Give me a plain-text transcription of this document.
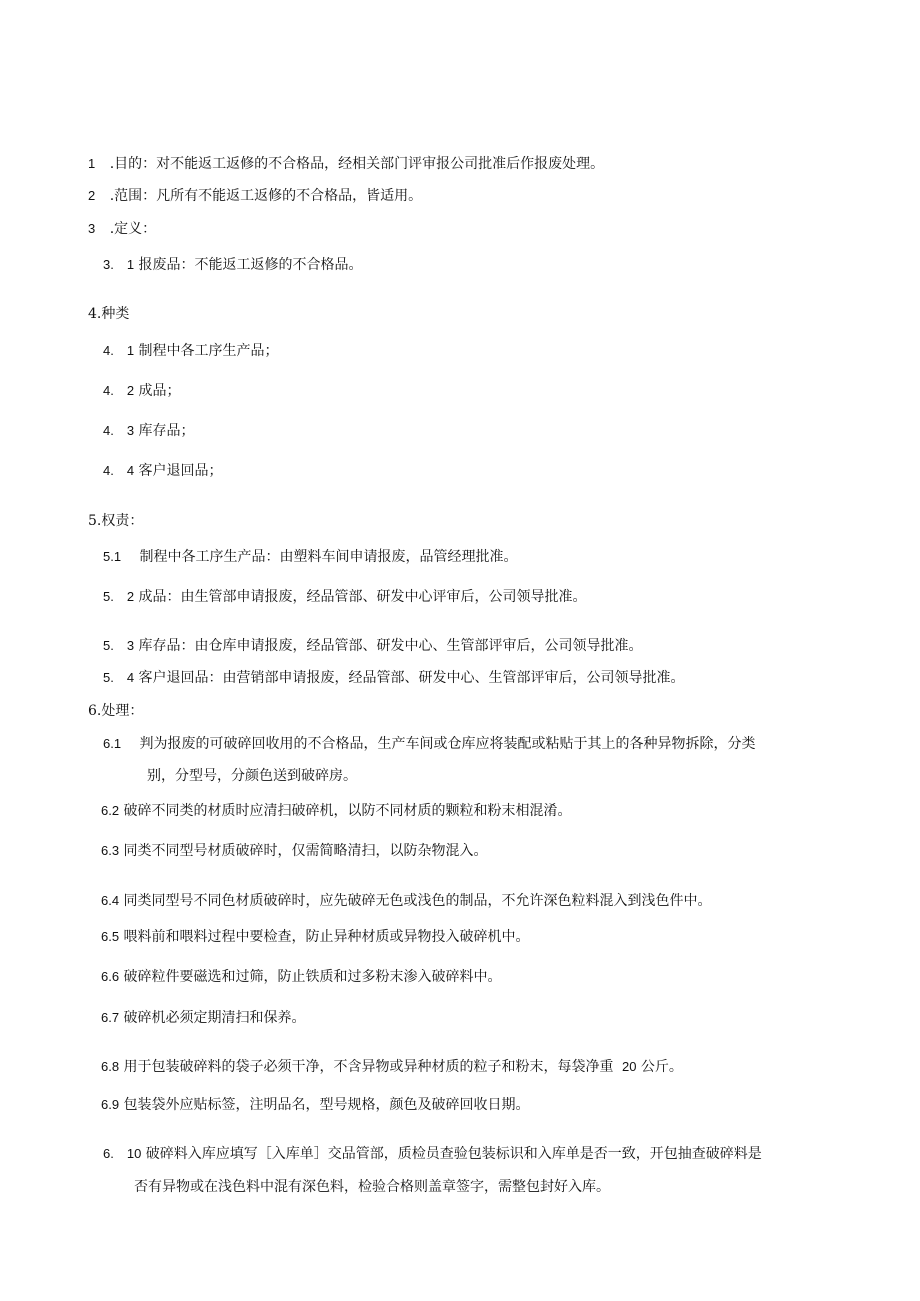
1 .目的：对不能返工返修的不合格品，经相关部门评审报公司批准后作报废处理。
2 .范围：凡所有不能返工返修的不合格品，皆适用。
3 .定义：
3.　1 报废品：不能返工返修的不合格品。
4.种类
4.　1 制程中各工序生产品；
4.　2 成品；
4.　3 库存品；
4.　4 客户退回品；
5.权责：
5.1 制程中各工序生产品：由塑料车间申请报废，品管经理批准。
5.　2 成品：由生管部申请报废，经品管部、研发中心评审后，公司领导批准。
5.　3 库存品：由仓库申请报废，经品管部、研发中心、生管部评审后，公司领导批准。
5.　4 客户退回品：由营销部申请报废，经品管部、研发中心、生管部评审后，公司领导批准。
6.处理：
6.1 判为报废的可破碎回收用的不合格品，生产车间或仓库应将装配或粘贴于其上的各种异物拆除，分类
别，分型号，分颜色送到破碎房。
6.2 破碎不同类的材质时应清扫破碎机，以防不同材质的颗粒和粉末相混淆。
6.3 同类不同型号材质破碎时，仅需简略清扫，以防杂物混入。
6.4 同类同型号不同色材质破碎时，应先破碎无色或浅色的制品，不允许深色粒料混入到浅色件中。
6.5 喂料前和喂料过程中要检查，防止异种材质或异物投入破碎机中。
6.6 破碎粒件要磁选和过筛，防止铁质和过多粉末渗入破碎料中。
6.7 破碎机必须定期清扫和保养。
6.8 用于包装破碎料的袋子必须干净，不含异物或异种材质的粒子和粉末，每袋净重 20 公斤。
6.9 包装袋外应贴标签，注明品名，型号规格，颜色及破碎回收日期。
6.　10 破碎料入库应填写［入库单］交品管部，质检员查验包装标识和入库单是否一致，开包抽查破碎料是
否有异物或在浅色料中混有深色料，检验合格则盖章签字，需整包封好入库。
